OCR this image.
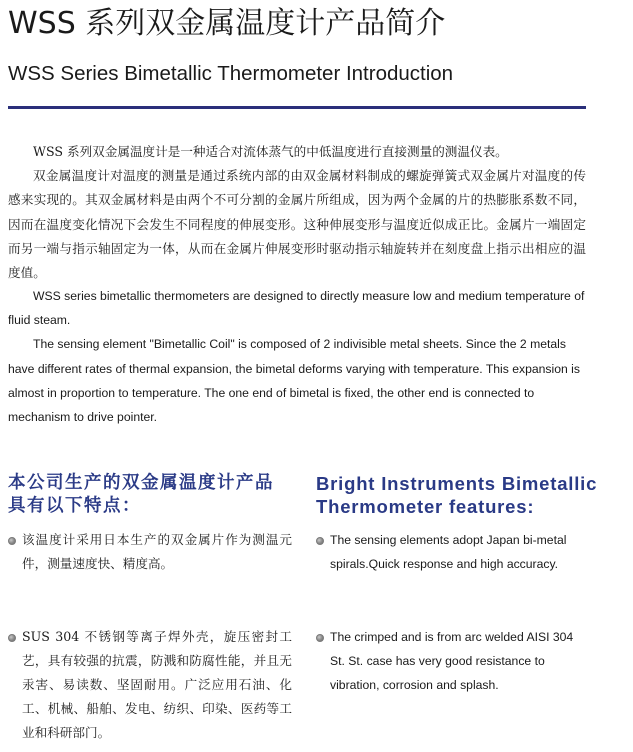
WSS 系列双金属温度计产品简介
WSS Series Bimetallic Thermometer Introduction

WSS 系列双金属温度计是一种适合对流体蒸气的中低温度进行直接测量的测温仪表。

双金属温度计对温度的测量是通过系统内部的由双金属材料制成的螺旋弹簧式双金属片对温度的传感来实现的。其双金属材料是由两个不可分割的金属片所组成，因为两个金属的片的热膨胀系数不同，因而在温度变化情况下会发生不同程度的伸展变形。这种伸展变形与温度近似成正比。金属片一端固定而另一端与指示轴固定为一体，从而在金属片伸展变形时驱动指示轴旋转并在刻度盘上指示出相应的温度值。

WSS series bimetallic thermometers are designed to directly measure low and medium temperature of fluid steam.

The sensing element "Bimetallic Coil" is composed of 2 indivisible metal sheets. Since the 2 metals have different rates of thermal expansion, the bimetal deforms varying with temperature. This expansion is almost in proportion to temperature. The one end of bimetal is fixed, the other end is connected to mechanism to drive pointer.

本公司生产的双金属温度计产品具有以下特点：
该温度计采用日本生产的双金属片作为测温元件，测量速度快、精度高。
SUS 304 不锈钢等离子焊外壳，旋压密封工艺，具有较强的抗震，防溅和防腐性能，并且无汞害、易读数、坚固耐用。广泛应用石油、化工、机械、船舶、发电、纺织、印染、医药等工业和科研部门。
Bright Instruments Bimetallic Thermometer features:
The sensing elements adopt Japan bi-metal spirals.Quick response and high accuracy.
The crimped and is from arc welded AISI 304 St. St. case has very good resistance to vibration, corrosion and splash.
